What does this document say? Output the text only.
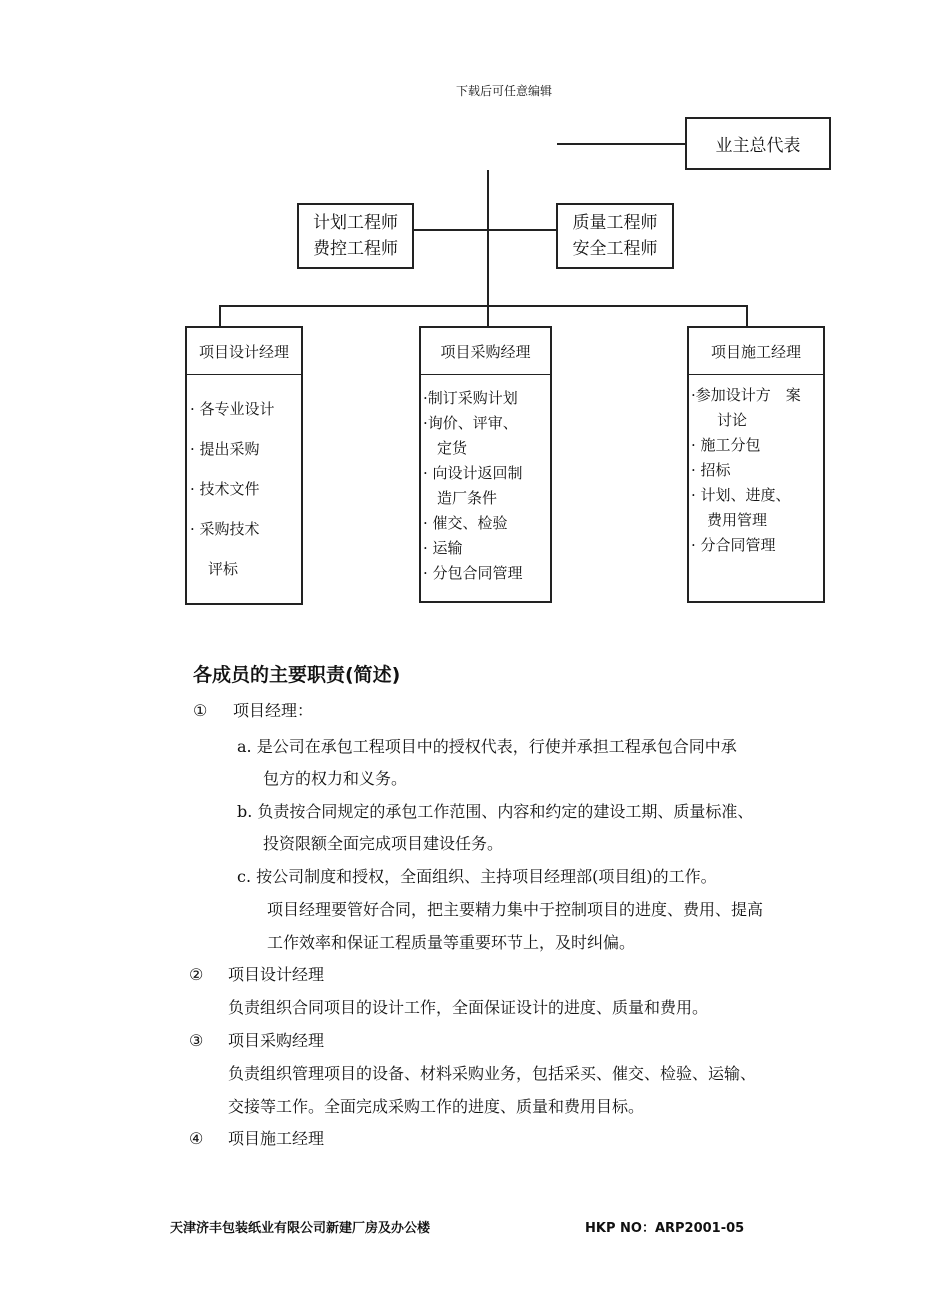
下载后可任意编辑
业主总代表
计划工程师
费控工程师
质量工程师
安全工程师
项目设计经理
· 各专业设计
· 提出采购
· 技术文件
· 采购技术
评标
项目采购经理
·制订采购计划
·询价、评审、
定货
· 向设计返回制
造厂条件
· 催交、检验
· 运输
· 分包合同管理
项目施工经理
·参加设计方　案
讨论
· 施工分包
· 招标
· 计划、进度、
费用管理
· 分合同管理
各成员的主要职责(简述)
① 项目经理：
a. 是公司在承包工程项目中的授权代表，行使并承担工程承包合同中承
包方的权力和义务。
b. 负责按合同规定的承包工作范围、内容和约定的建设工期、质量标准、
投资限额全面完成项目建设任务。
c. 按公司制度和授权，全面组织、主持项目经理部(项目组)的工作。
项目经理要管好合同，把主要精力集中于控制项目的进度、费用、提高
工作效率和保证工程质量等重要环节上，及时纠偏。
② 项目设计经理
负责组织合同项目的设计工作，全面保证设计的进度、质量和费用。
③ 项目采购经理
负责组织管理项目的设备、材料采购业务，包括采买、催交、检验、运输、
交接等工作。全面完成采购工作的进度、质量和费用目标。
④ 项目施工经理
天津济丰包装纸业有限公司新建厂房及办公楼	HKP NO：ARP2001-05
